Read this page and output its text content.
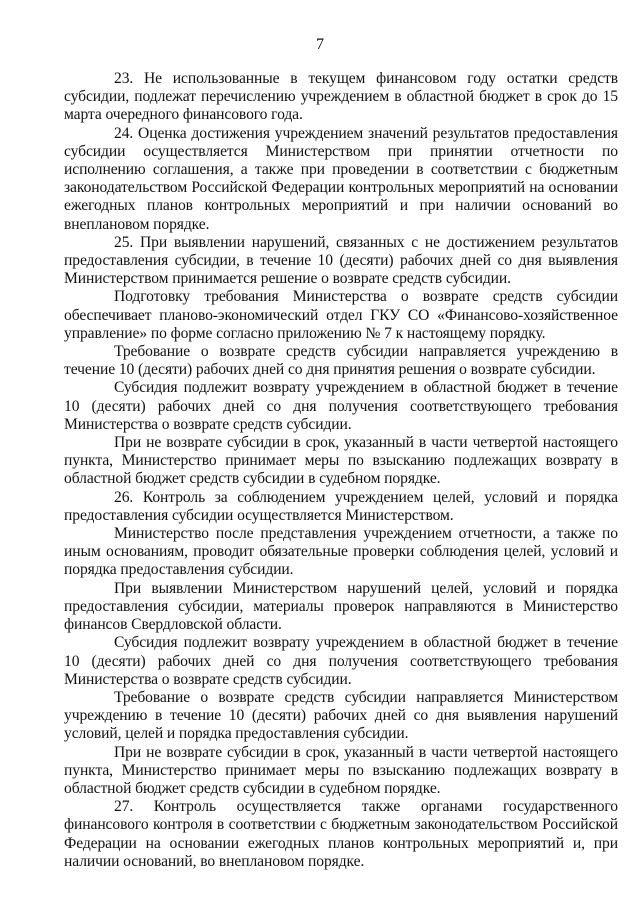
7

23. Не использованные в текущем финансовом году остатки средств субсидии, подлежат перечислению учреждением в областной бюджет в срок до 15 марта очередного финансового года.

24. Оценка достижения учреждением значений результатов предоставления субсидии осуществляется Министерством при принятии отчетности по исполнению соглашения, а также при проведении в соответствии с бюджетным законодательством Российской Федерации контрольных мероприятий на основании ежегодных планов контрольных мероприятий и при наличии оснований во внеплановом порядке.

25. При выявлении нарушений, связанных с не достижением результатов предоставления субсидии, в течение 10 (десяти) рабочих дней со дня выявления Министерством принимается решение о возврате средств субсидии.

Подготовку требования Министерства о возврате средств субсидии обеспечивает планово-экономический отдел ГКУ СО «Финансово-хозяйственное управление» по форме согласно приложению № 7 к настоящему порядку.

Требование о возврате средств субсидии направляется учреждению в течение 10 (десяти) рабочих дней со дня принятия решения о возврате субсидии.

Субсидия подлежит возврату учреждением в областной бюджет в течение 10 (десяти) рабочих дней со дня получения соответствующего требования Министерства о возврате средств субсидии.

При не возврате субсидии в срок, указанный в части четвертой настоящего пункта, Министерство принимает меры по взысканию подлежащих возврату в областной бюджет средств субсидии в судебном порядке.

26. Контроль за соблюдением учреждением целей, условий и порядка предоставления субсидии осуществляется Министерством.

Министерство после представления учреждением отчетности, а также по иным основаниям, проводит обязательные проверки соблюдения целей, условий и порядка предоставления субсидии.

При выявлении Министерством нарушений целей, условий и порядка предоставления субсидии, материалы проверок направляются в Министерство финансов Свердловской области.

Субсидия подлежит возврату учреждением в областной бюджет в течение 10 (десяти) рабочих дней со дня получения соответствующего требования Министерства о возврате средств субсидии.

Требование о возврате средств субсидии направляется Министерством учреждению в течение 10 (десяти) рабочих дней со дня выявления нарушений условий, целей и порядка предоставления субсидии.

При не возврате субсидии в срок, указанный в части четвертой настоящего пункта, Министерство принимает меры по взысканию подлежащих возврату в областной бюджет средств субсидии в судебном порядке.

27. Контроль осуществляется также органами государственного финансового контроля в соответствии с бюджетным законодательством Российской Федерации на основании ежегодных планов контрольных мероприятий и, при наличии оснований, во внеплановом порядке.
